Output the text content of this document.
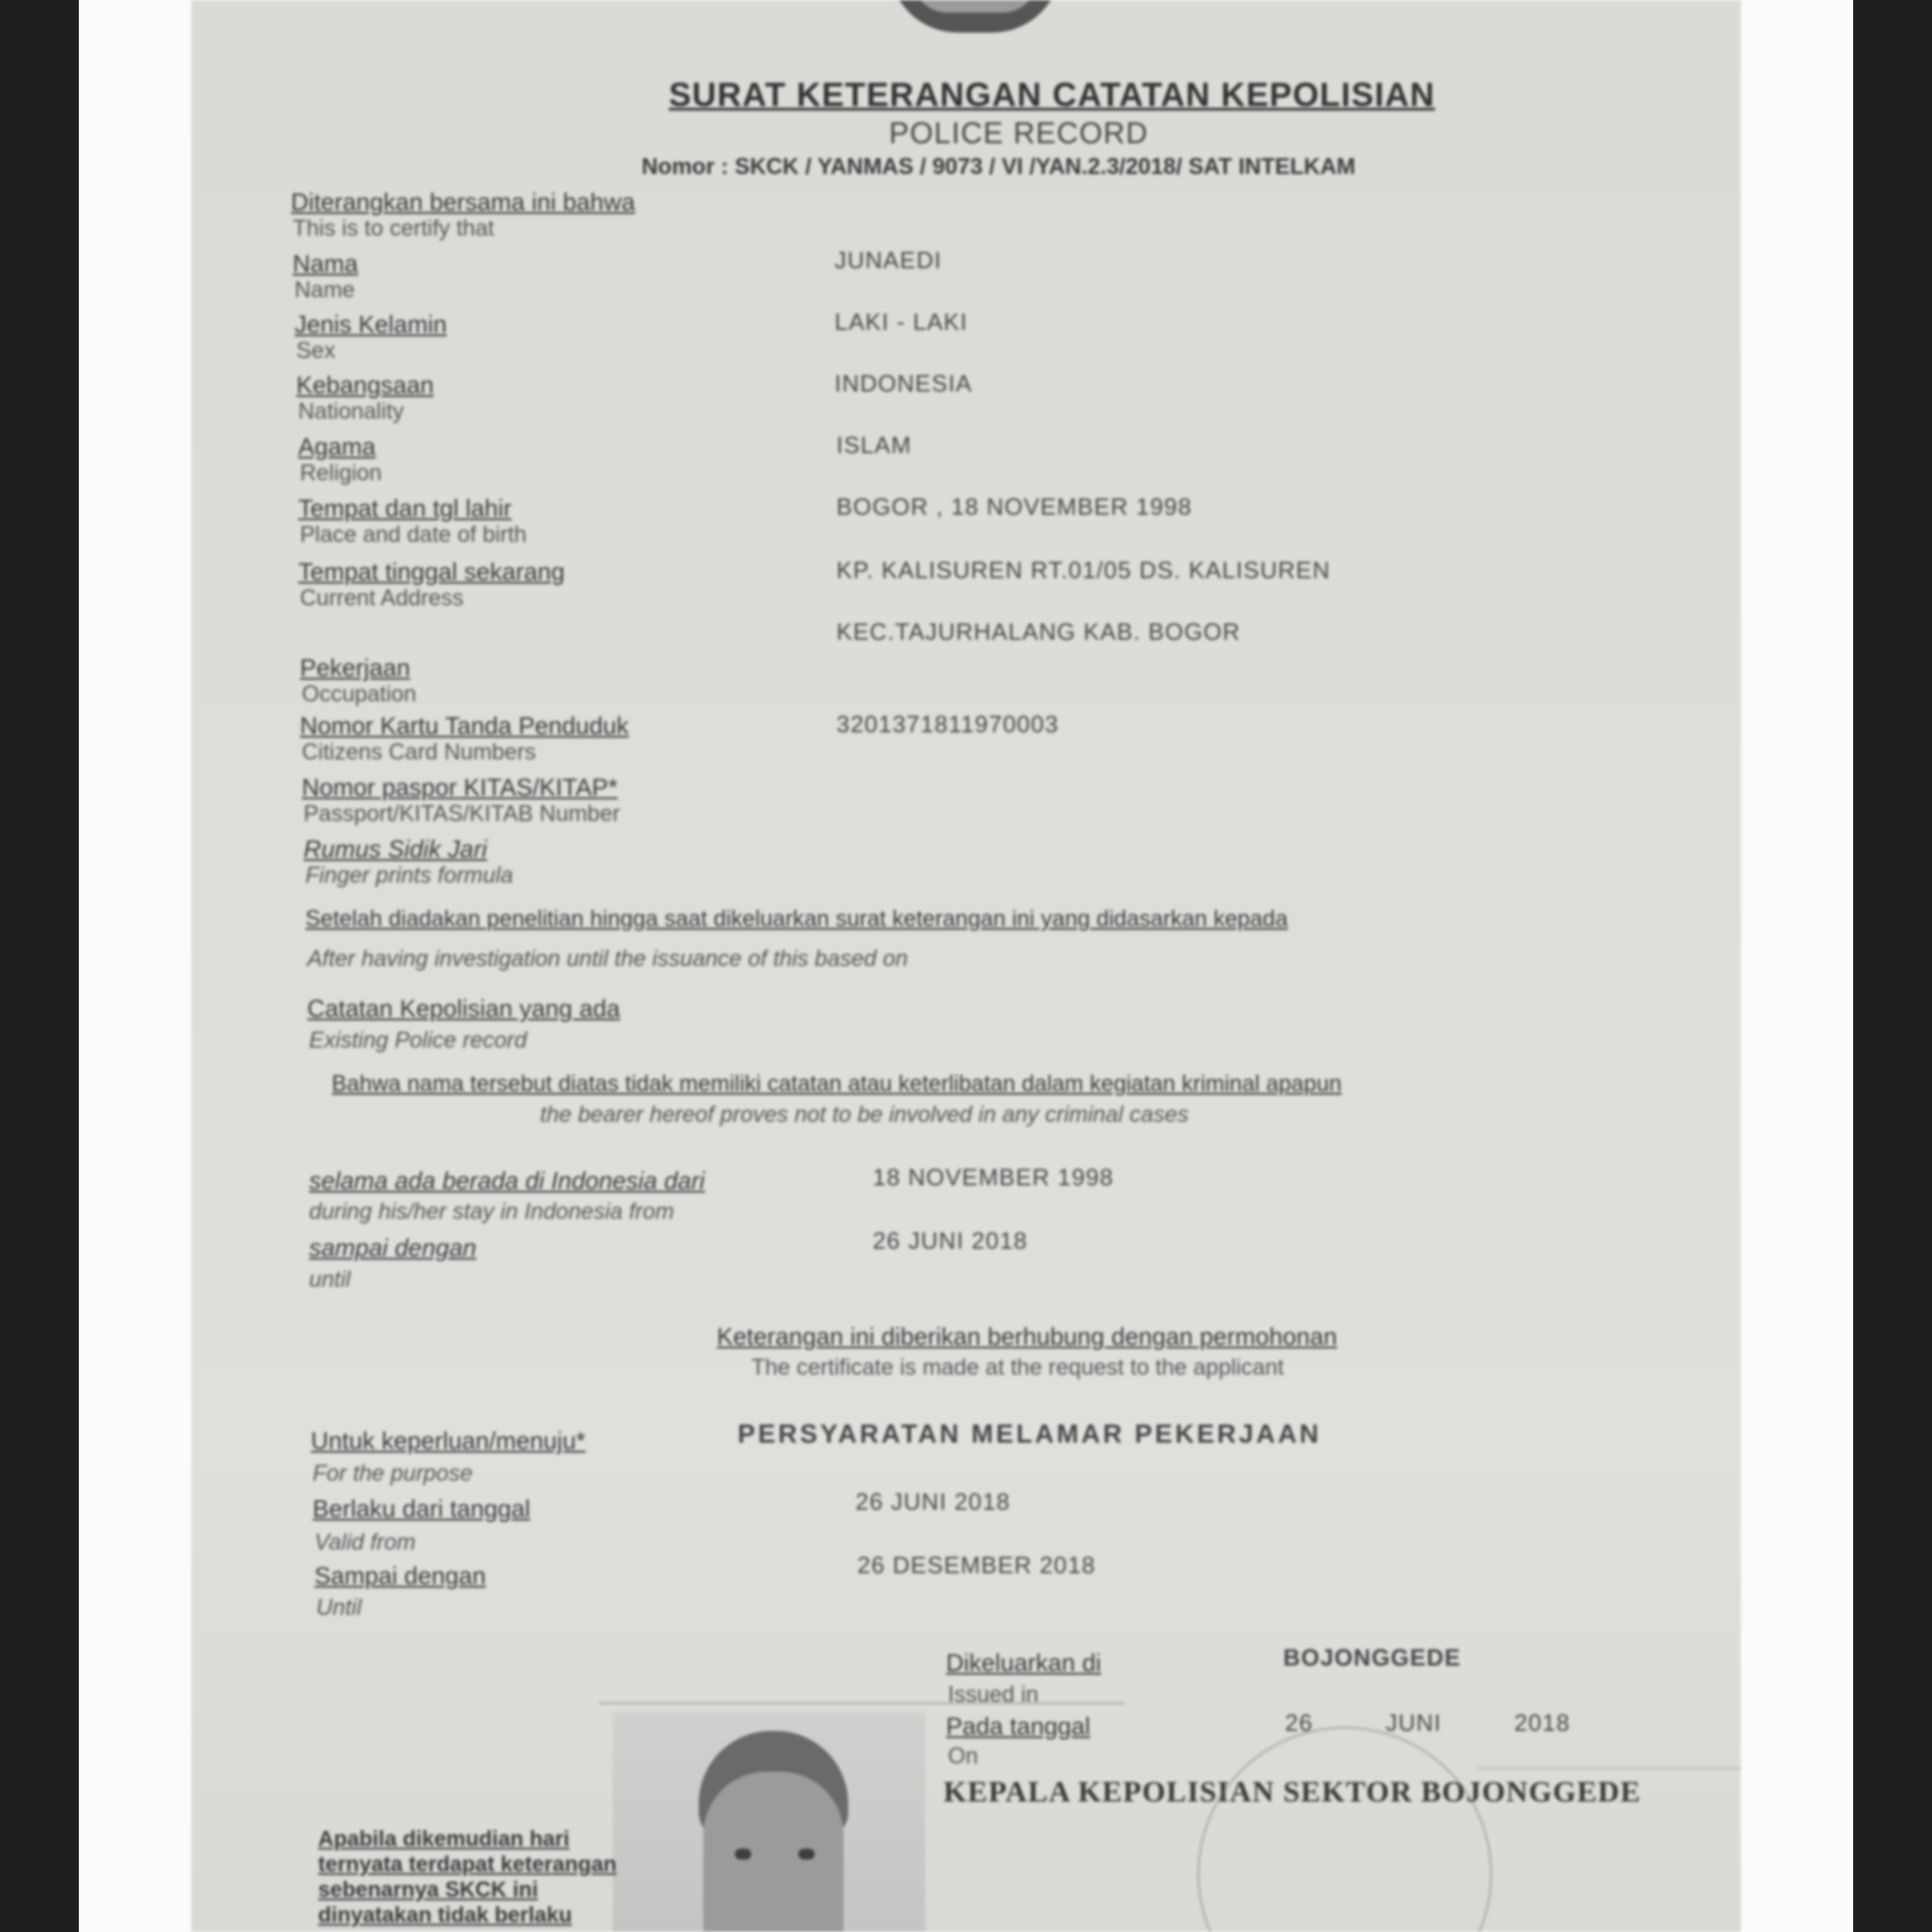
SURAT KETERANGAN CATATAN KEPOLISIAN
POLICE RECORD
Nomor : SKCK / YANMAS / 9073 / VI /YAN.2.3/2018/ SAT INTELKAM
Diterangkan bersama ini bahwa
This is to certify that
Nama
Name
JUNAEDI
Jenis Kelamin
Sex
LAKI - LAKI
Kebangsaan
Nationality
INDONESIA
Agama
Religion
ISLAM
Tempat dan tgl lahir
Place and date of birth
BOGOR , 18 NOVEMBER 1998
Tempat tinggal sekarang
Current Address
KP. KALISUREN RT.01/05 DS. KALISUREN
KEC.TAJURHALANG KAB. BOGOR
Pekerjaan
Occupation
Nomor Kartu Tanda Penduduk
Citizens Card Numbers
3201371811970003
Nomor paspor KITAS/KITAP*
Passport/KITAS/KITAB Number
Rumus Sidik Jari
Finger prints formula
Setelah diadakan penelitian hingga saat dikeluarkan surat keterangan ini yang didasarkan kepada
After having investigation until the issuance of this based on
Catatan Kepolisian yang ada
Existing Police record
Bahwa nama tersebut diatas tidak memiliki catatan atau keterlibatan dalam kegiatan kriminal apapun
the bearer hereof proves not to be involved in any criminal cases
selama ada berada di Indonesia dari
during his/her stay in Indonesia from
18 NOVEMBER 1998
sampai dengan
until
26 JUNI 2018
Keterangan ini diberikan berhubung dengan permohonan
The certificate is made at the request to the applicant
Untuk keperluan/menuju*
For the purpose
PERSYARATAN MELAMAR PEKERJAAN
Berlaku dari tanggal
Valid from
26 JUNI 2018
Sampai dengan
Until
26 DESEMBER 2018
Dikeluarkan di
Issued in
BOJONGGEDE
Pada tanggal
On
26	JUNI	2018
KEPALA KEPOLISIAN SEKTOR BOJONGGEDE
Apabila dikemudian hari
ternyata terdapat keterangan
sebenarnya SKCK ini
dinyatakan tidak berlaku
